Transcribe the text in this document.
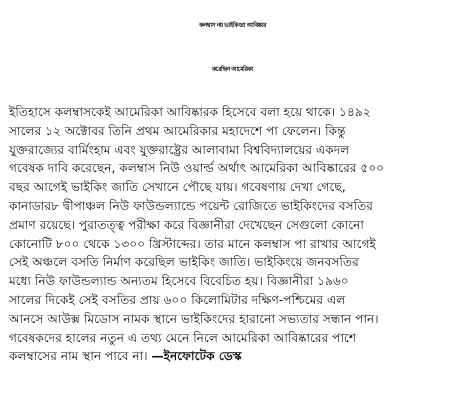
কলম্বাস নয় ভাইকিংরা আবিষ্কার
করেছিল আমেরিকা
ইতিহাসে কলম্বাসকেই আমেরিকা আবিষ্কারক হিসেবে বলা হয়ে থাকে। ১৪৯২
সালের ১২ অক্টোবর তিনি প্রথম আমেরিকার মহাদেশে পা ফেলেন। কিন্তু
যুক্তরাজ্যের বার্মিংহাম এবং যুক্তরাষ্ট্রের আলাবামা বিশ্ববিদ্যালয়ের একদল
গবেষক দাবি করেছেন, কলম্বাস নিউ ওয়ার্ল্ড অর্থাৎ আমেরিকা আবিষ্কারের ৫০০
বছর আগেই ভাইকিং জাতি সেখানে পৌছে যায়। গবেষণায় দেখা গেছে,
কানাডার৮ দ্বীপাঞ্চল নিউ ফাউন্ডল্যান্ডে পয়েন্ট রোজিতে ভাইকিংদের বসতির
প্রমাণ রয়েছে। পুরাতত্ত্ব পরীক্ষা করে বিজ্ঞানীরা দেখেছেন সেগুলো কোনো
কোনোটি ৮০০ থেকে ১৩০০ খ্রিস্টাব্দের। তার মানে কলম্বাস পা রাখার আগেই
সেই অঞ্চলে বসতি নির্মাণ করেছিল ভাইকিং জাতি। ভাইকিংয়ে জনবসতির
মধ্যে নিউ ফাউন্ডল্যান্ড অন্যতম হিসেবে বিবেচিত হয়। বিজ্ঞানীরা ১৯৬০
সালের দিকেই সেই বসতির প্রায় ৬০০ কিলোমিটার দক্ষিণ-পশ্চিমের এল
আনসে আউক্স মিডোস নামক স্থানে ভাইকিংদের হারানো সভ্যতার সন্ধান পান।
গবেষকদের হালের নতুন এ তথ্য মেনে নিলে আমেরিকা আবিষ্কারের পাশে
কলম্বাসের নাম স্থান পাবে না। —ইনফোটেক ডেস্ক
